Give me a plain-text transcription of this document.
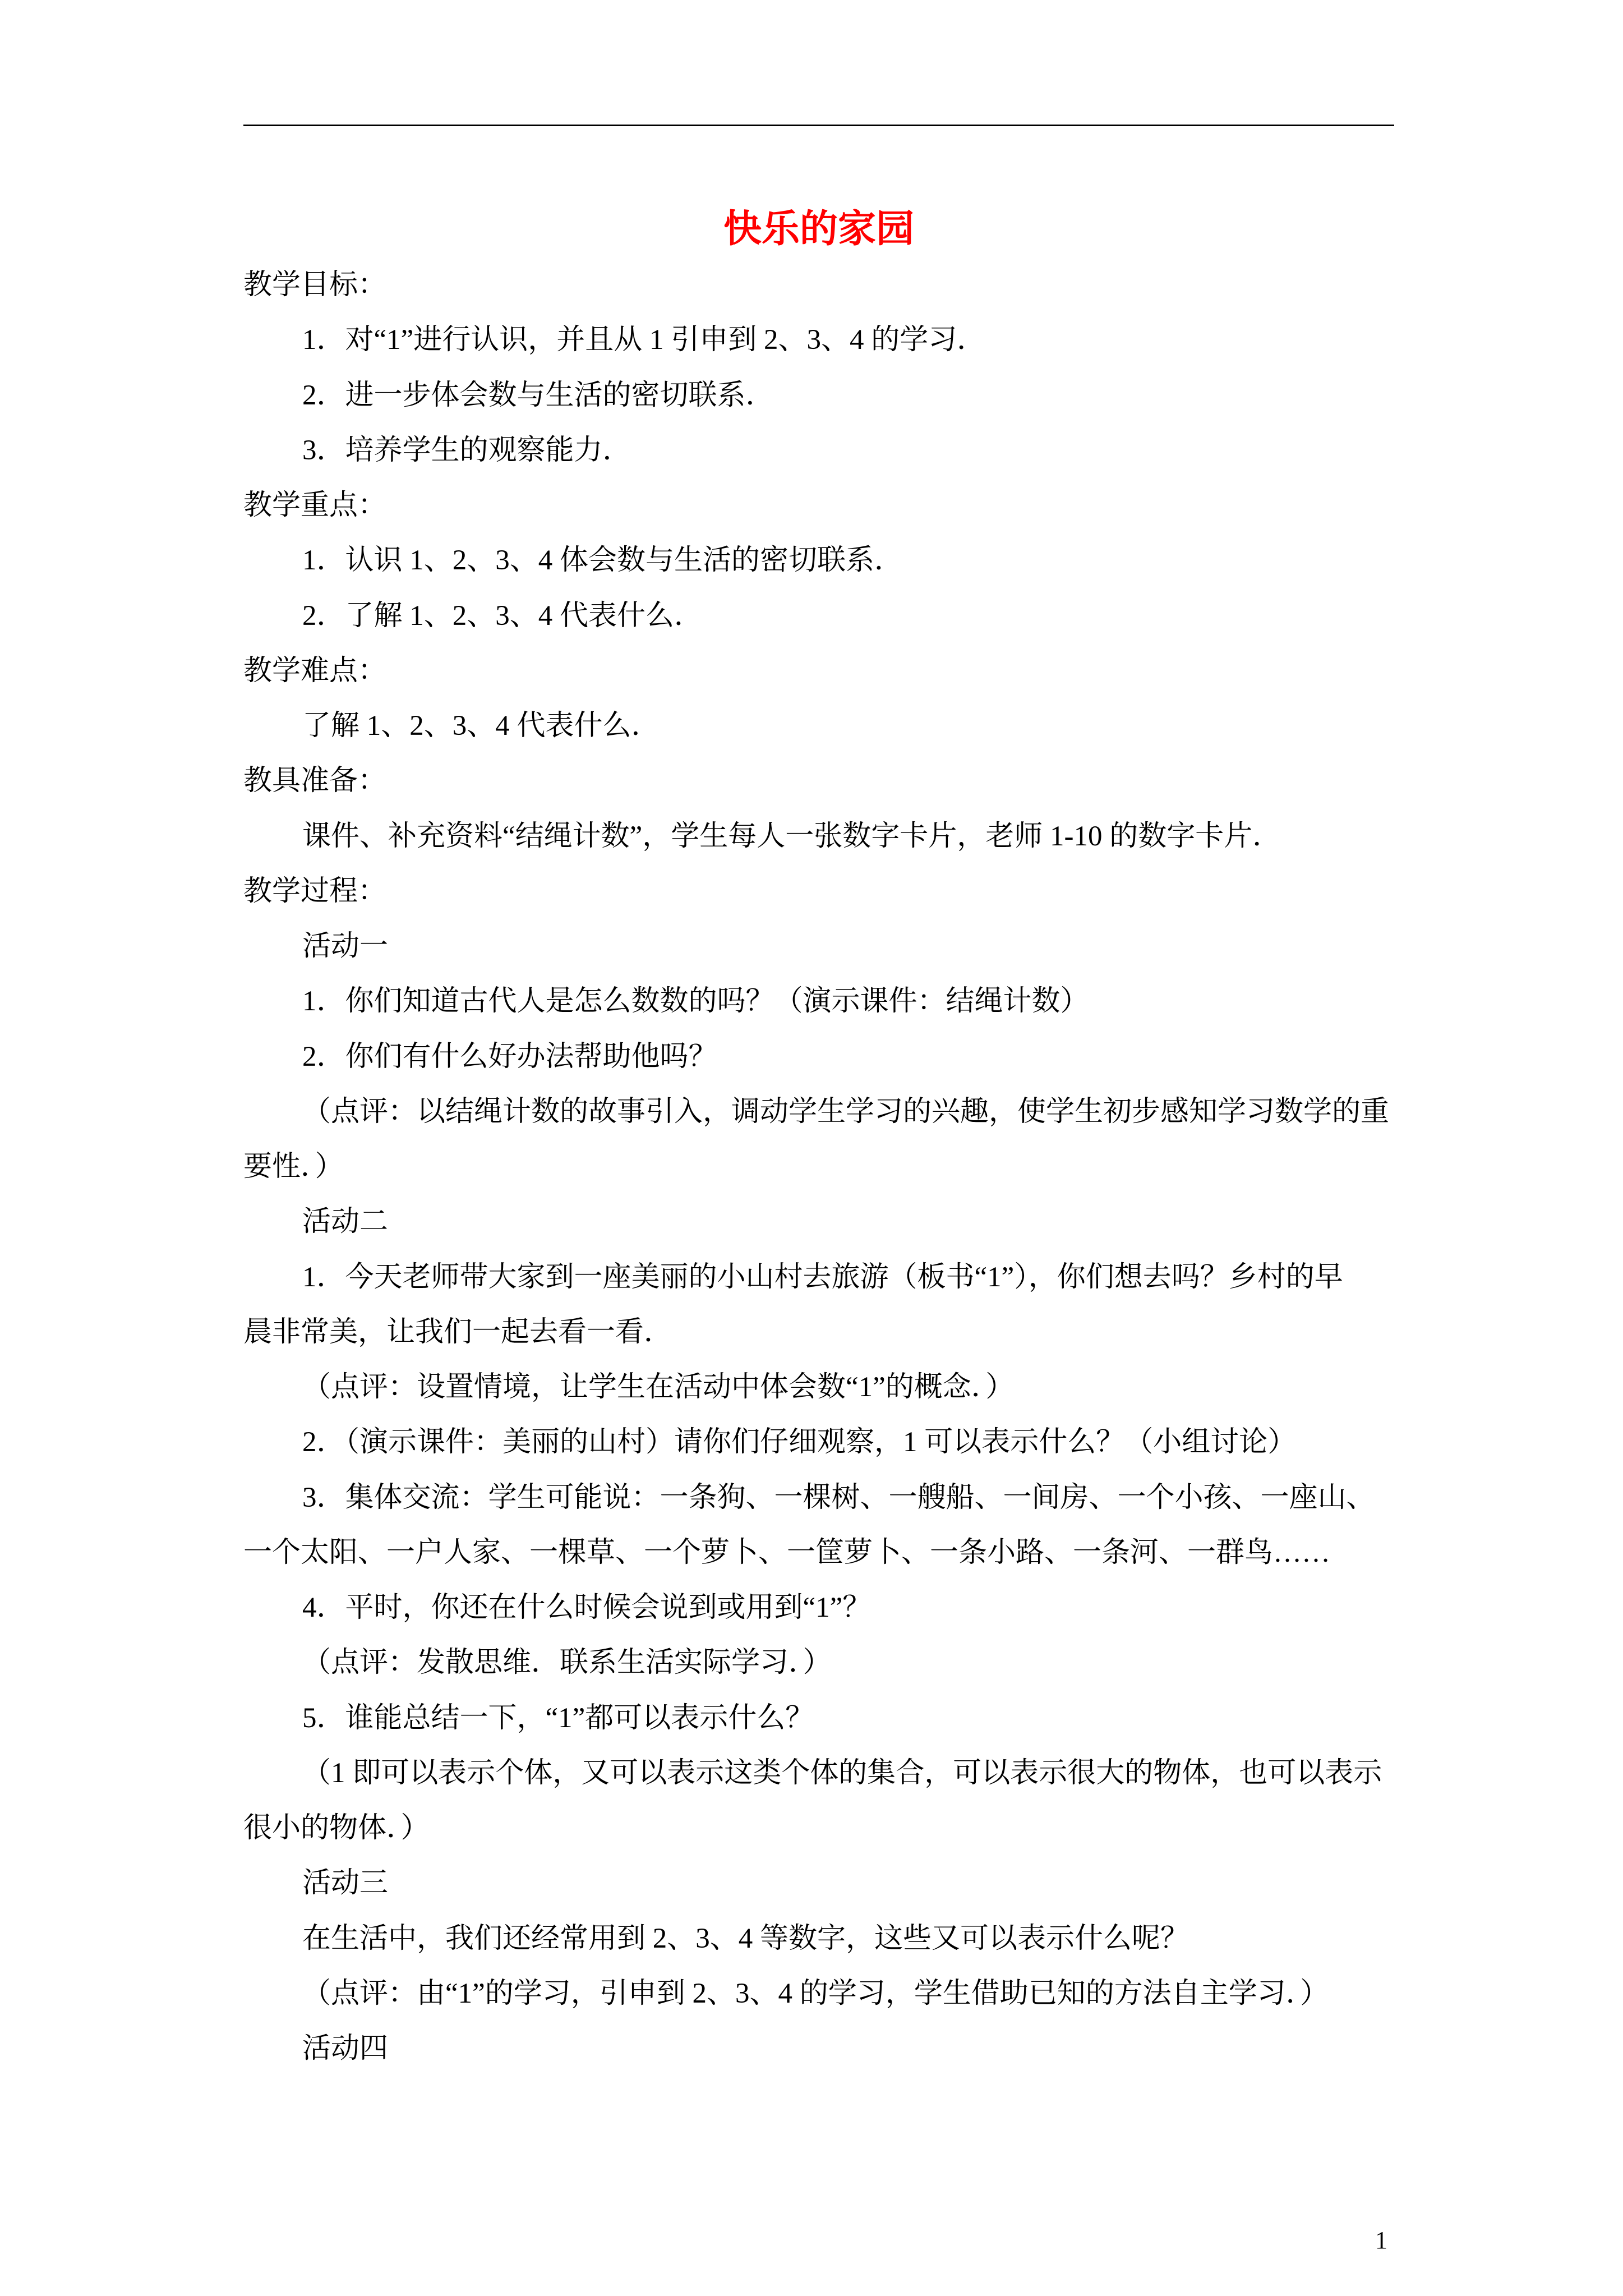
快乐的家园
教学目标：
1．对“1”进行认识，并且从 1 引申到 2、3、4 的学习．
2．进一步体会数与生活的密切联系．
3．培养学生的观察能力．
教学重点：
1．认识 1、2、3、4 体会数与生活的密切联系．
2．了解 1、2、3、4 代表什么．
教学难点：
了解 1、2、3、4 代表什么．
教具准备：
课件、补充资料“结绳计数”，学生每人一张数字卡片，老师 1-10 的数字卡片．
教学过程：
活动一
1．你们知道古代人是怎么数数的吗？（演示课件：结绳计数）
2．你们有什么好办法帮助他吗？
（点评：以结绳计数的故事引入，调动学生学习的兴趣，使学生初步感知学习数学的重
要性．）
活动二
1．今天老师带大家到一座美丽的小山村去旅游（板书“1”），你们想去吗？乡村的早
晨非常美，让我们一起去看一看．
（点评：设置情境，让学生在活动中体会数“1”的概念．）
2．（演示课件：美丽的山村）请你们仔细观察，1 可以表示什么？（小组讨论）
3．集体交流：学生可能说：一条狗、一棵树、一艘船、一间房、一个小孩、一座山、
一个太阳、一户人家、一棵草、一个萝卜、一筐萝卜、一条小路、一条河、一群鸟……
4．平时，你还在什么时候会说到或用到“1”？
（点评：发散思维．联系生活实际学习．）
5．谁能总结一下，“1”都可以表示什么？
（1 即可以表示个体，又可以表示这类个体的集合，可以表示很大的物体，也可以表示
很小的物体．）
活动三
在生活中，我们还经常用到 2、3、4 等数字，这些又可以表示什么呢？
（点评：由“1”的学习，引申到 2、3、4 的学习，学生借助已知的方法自主学习．）
活动四
1
